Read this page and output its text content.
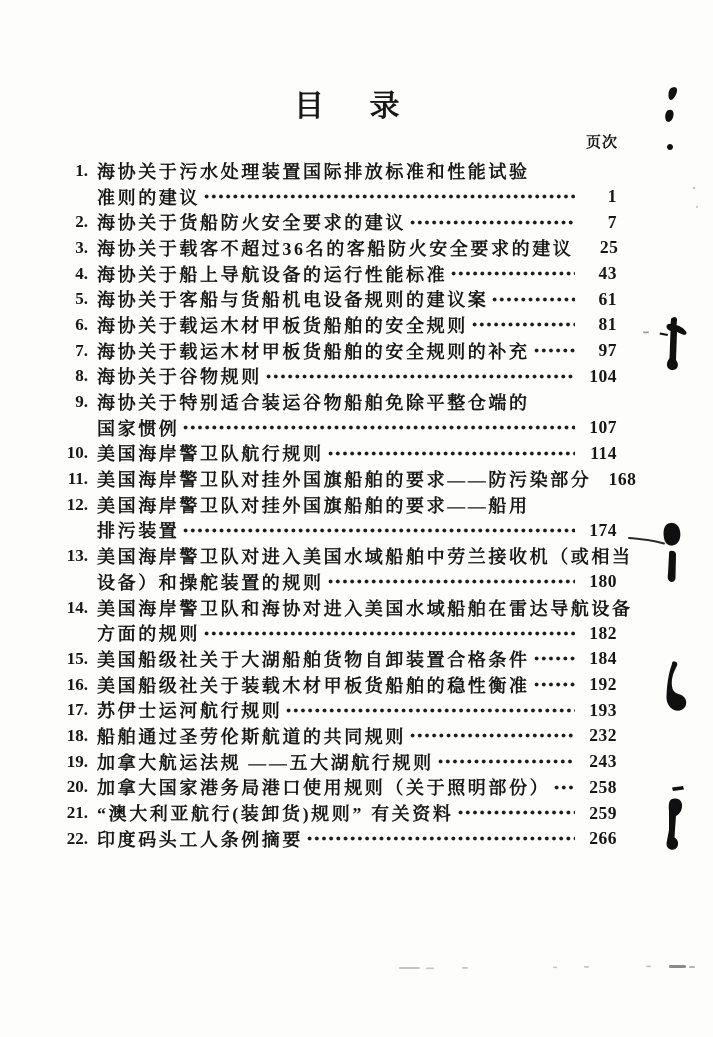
目 录
页次
1. 海协关于污水处理装置国际排放标准和性能试验
准则的建议	1
2. 海协关于货船防火安全要求的建议	7
3. 海协关于载客不超过36名的客船防火安全要求的建议	25
4. 海协关于船上导航设备的运行性能标准	43
5. 海协关于客船与货船机电设备规则的建议案	61
6. 海协关于载运木材甲板货船舶的安全规则	81
7. 海协关于载运木材甲板货船舶的安全规则的补充	97
8. 海协关于谷物规则	104
9. 海协关于特别适合装运谷物船舶免除平整仓端的
国家惯例	107
10. 美国海岸警卫队航行规则	114
11. 美国海岸警卫队对挂外国旗船舶的要求——防污染部分 168
12. 美国海岸警卫队对挂外国旗船舶的要求——船用
排污装置	174
13. 美国海岸警卫队对进入美国水域船舶中劳兰接收机（或相当
设备）和操舵装置的规则	180
14. 美国海岸警卫队和海协对进入美国水域船舶在雷达导航设备
方面的规则	182
15. 美国船级社关于大湖船舶货物自卸装置合格条件	184
16. 美国船级社关于装载木材甲板货船舶的稳性衡准	192
17. 苏伊士运河航行规则	193
18. 船舶通过圣劳伦斯航道的共同规则	232
19. 加拿大航运法规 ——五大湖航行规则	243
20. 加拿大国家港务局港口使用规则（关于照明部份）	258
21. “澳大利亚航行(装卸货)规则” 有关资料	259
22. 印度码头工人条例摘要	266
